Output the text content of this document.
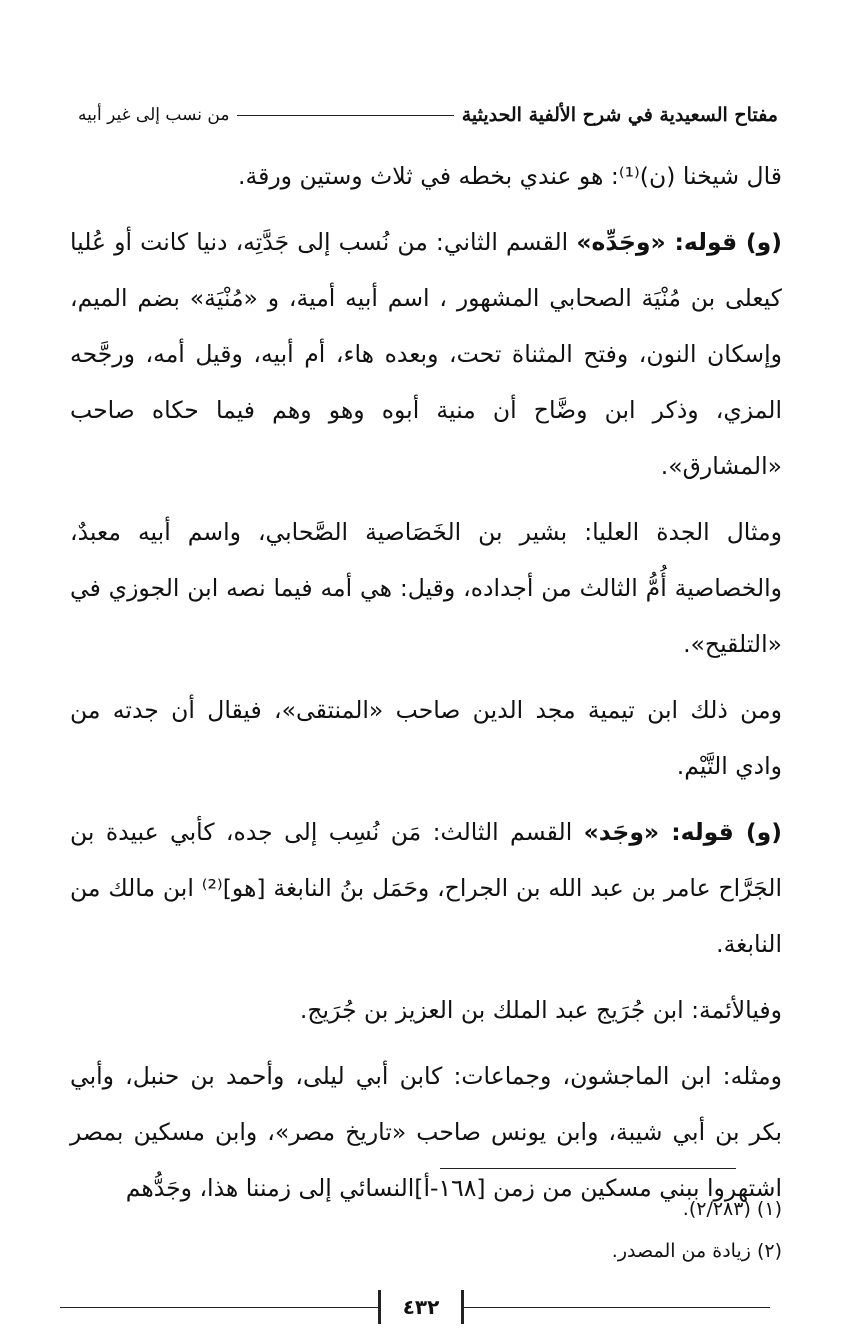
مفتاح السعيدية في شرح الألفية الحديثية
من نسب إلى غير أبيه

قال شيخنا (ن)⁽¹⁾: هو عندي بخطه في ثلاث وستين ورقة.

(و) قوله: «وجَدِّه» القسم الثاني: من نُسب إلى جَدَّتِه، دنيا كانت أو عُليا كيعلى بن مُنْيَة الصحابي المشهور ، اسم أبيه أمية، و «مُنْيَة» بضم الميم، وإسكان النون، وفتح المثناة تحت، وبعده هاء، أم أبيه، وقيل أمه، ورجَّحه المزي، وذكر ابن وضَّاح أن منية أبوه وهو وهم فيما حكاه صاحب «المشارق».

ومثال الجدة العليا: بشير بن الخَصَاصية الصَّحابي، واسم أبيه معبدٌ، والخصاصية أُمُّ الثالث من أجداده، وقيل: هي أمه فيما نصه ابن الجوزي في «التلقيح».

ومن ذلك ابن تيمية مجد الدين صاحب «المنتقى»، فيقال أن جدته من وادي التَّيْم.

(و) قوله: «وجَد» القسم الثالث: مَن نُسِب إلى جده، كأبي عبيدة بن الجَرَّاح عامر بن عبد الله بن الجراح، وحَمَل بنُ النابغة [هو]⁽²⁾ ابن مالك من النابغة.

وفيالأئمة: ابن جُرَيج عبد الملك بن العزيز بن جُرَيج.

ومثله: ابن الماجشون، وجماعات: كابن أبي ليلى، وأحمد بن حنبل، وأبي بكر بن أبي شيبة، وابن يونس صاحب «تاريخ مصر»، وابن مسكين بمصر اشتهروا ببني مسكين من زمن [١٦٨-أ]النسائي إلى زمننا هذا، وجَدُّهم

(١) (٢/٢٨٣).

(٢) زيادة من المصدر.

٤٣٢
